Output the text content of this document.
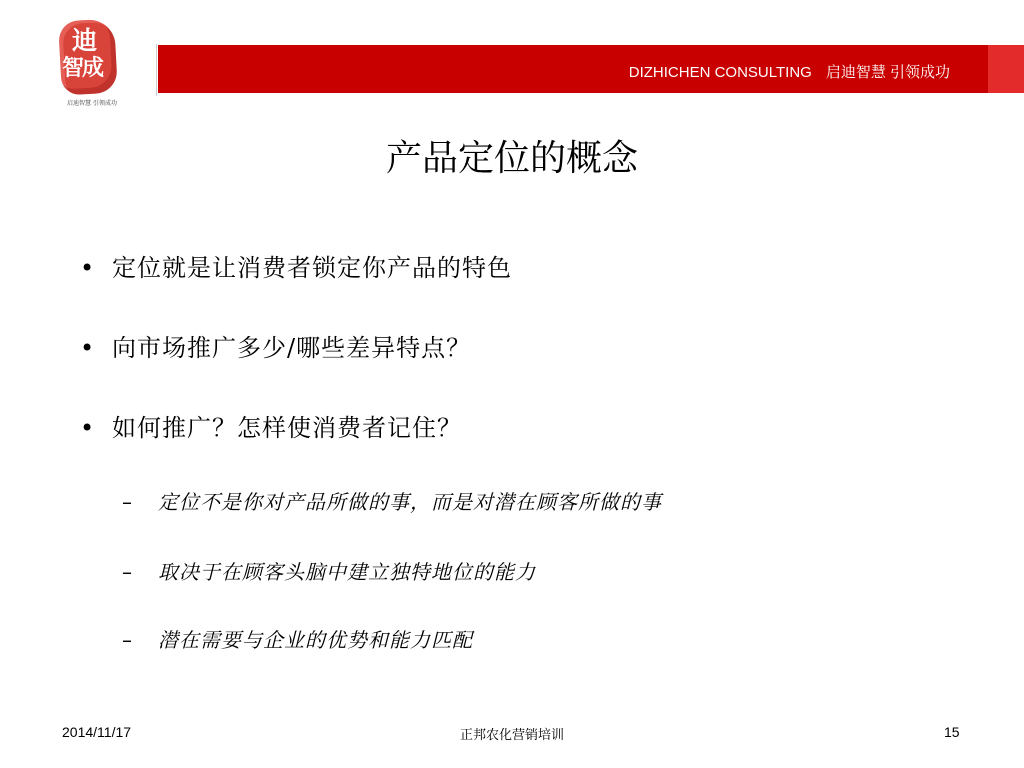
迪
智成
启迪智慧 引领成功
DIZHICHEN CONSULTING 启迪智慧 引领成功
产品定位的概念
• 定位就是让消费者锁定你产品的特色
• 向市场推广多少/哪些差异特点？
• 如何推广？怎样使消费者记住？
– 定位不是你对产品所做的事，而是对潜在顾客所做的事
– 取决于在顾客头脑中建立独特地位的能力
– 潜在需要与企业的优势和能力匹配
2014/11/17	正邦农化营销培训	15
